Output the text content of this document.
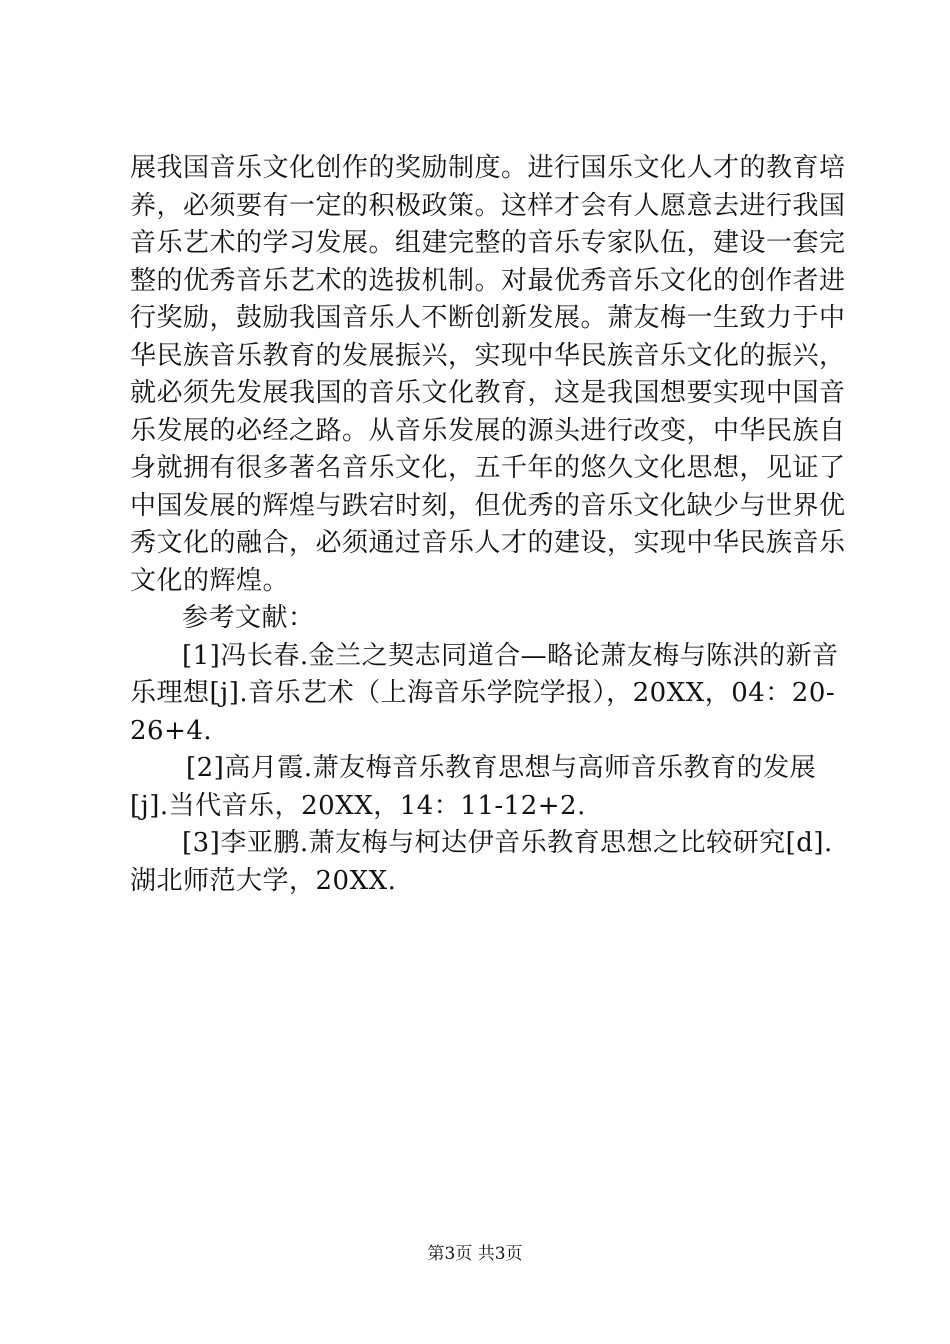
展我国音乐文化创作的奖励制度。进行国乐文化人才的教育培
养，必须要有一定的积极政策。这样才会有人愿意去进行我国
音乐艺术的学习发展。组建完整的音乐专家队伍，建设一套完
整的优秀音乐艺术的选拔机制。对最优秀音乐文化的创作者进
行奖励，鼓励我国音乐人不断创新发展。萧友梅一生致力于中
华民族音乐教育的发展振兴，实现中华民族音乐文化的振兴，
就必须先发展我国的音乐文化教育，这是我国想要实现中国音
乐发展的必经之路。从音乐发展的源头进行改变，中华民族自
身就拥有很多著名音乐文化，五千年的悠久文化思想，见证了
中国发展的辉煌与跌宕时刻，但优秀的音乐文化缺少与世界优
秀文化的融合，必须通过音乐人才的建设，实现中华民族音乐
文化的辉煌。
参考文献：
[1]冯长春.金兰之契志同道合—略论萧友梅与陈洪的新音
乐理想[j].音乐艺术（上海音乐学院学报），20XX，04：20-
26+4.
[2]高月霞.萧友梅音乐教育思想与高师音乐教育的发展
[j].当代音乐，20XX，14：11-12+2.
[3]李亚鹏.萧友梅与柯达伊音乐教育思想之比较研究[d].
湖北师范大学，20XX.
第3页 共3页
